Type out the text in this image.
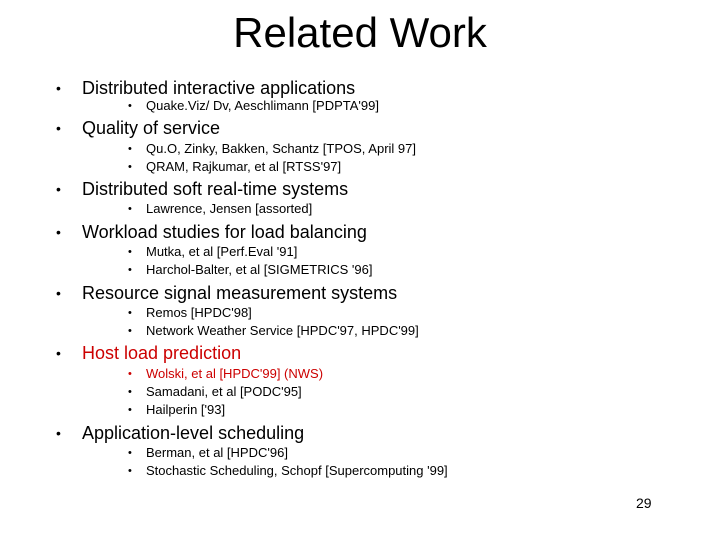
Related Work
• Distributed interactive applications
• Quake.Viz/ Dv, Aeschlimann [PDPTA'99]
• Quality of service
• Qu.O, Zinky, Bakken, Schantz [TPOS, April 97]
• QRAM, Rajkumar, et al [RTSS'97]
• Distributed soft real-time systems
• Lawrence, Jensen [assorted]
• Workload studies for load balancing
• Mutka, et al [Perf.Eval '91]
• Harchol-Balter, et al [SIGMETRICS '96]
• Resource signal measurement systems
• Remos [HPDC'98]
• Network Weather Service [HPDC'97, HPDC'99]
• Host load prediction
• Wolski, et al [HPDC'99] (NWS)
• Samadani, et al [PODC'95]
• Hailperin ['93]
• Application-level scheduling
• Berman, et al [HPDC'96]
• Stochastic Scheduling, Schopf [Supercomputing '99]
29
